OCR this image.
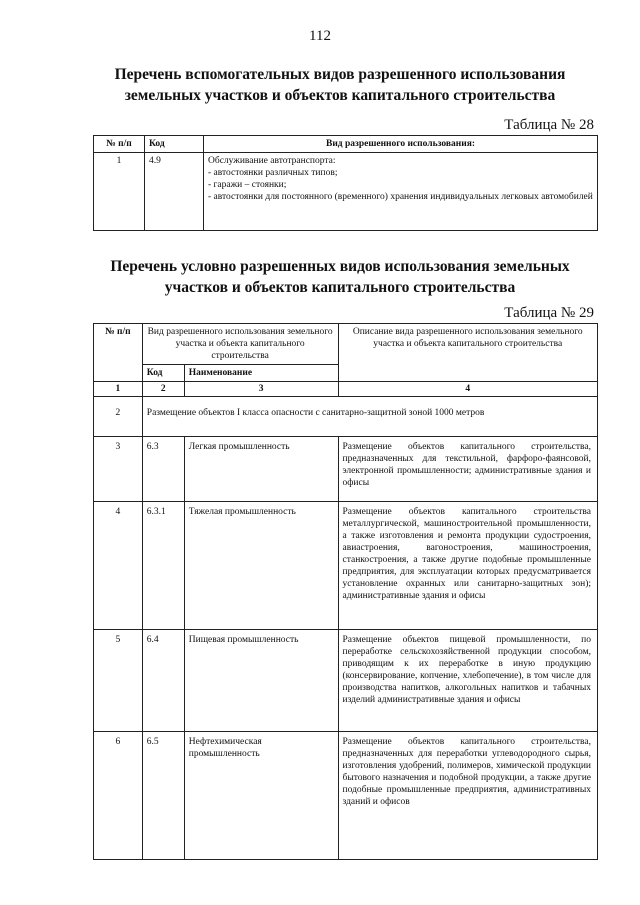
112
Перечень вспомогательных видов разрешенного использования
земельных участков и объектов капитального строительства
Таблица № 28
№ п/п	Код	Вид разрешенного использования:
1	4.9	Обслуживание автотранспорта:
- автостоянки различных типов;
- гаражи – стоянки;
- автостоянки для постоянного (временного) хранения индивидуальных легковых автомобилей
Перечень условно разрешенных видов использования земельных
участков и объектов капитального строительства
Таблица № 29
№ п/п	Вид разрешенного использования земельного участка и объекта капитального строительства		Описание вида разрешенного использования земельного участка и объекта капитального строительства
	Код	Наименование	
1	2	3	4
2	Размещение объектов I класса опасности с санитарно-защитной зоной 1000 метров		
3	6.3	Легкая промышленность	Размещение объектов капитального строительства, предназначенных для текстильной, фарфоро-фаянсовой, электронной промышленности; административные здания и офисы
4	6.3.1	Тяжелая промышленность	Размещение объектов капитального строительства металлургической, машиностроительной промышленности, а также изготовления и ремонта продукции судостроения, авиастроения, вагоностроения, машиностроения, станкостроения, а также другие подобные промышленные предприятия, для эксплуатации которых предусматривается установление охранных или санитарно-защитных зон); административные здания и офисы
5	6.4	Пищевая промышленность	Размещение объектов пищевой промышленности, по переработке сельскохозяйственной продукции способом, приводящим к их переработке в иную продукцию (консервирование, копчение, хлебопечение), в том числе для производства напитков, алкогольных напитков и табачных изделий административные здания и офисы
6	6.5	Нефтехимическая промышленность	Размещение объектов капитального строительства, предназначенных для переработки углеводородного сырья, изготовления удобрений, полимеров, химической продукции бытового назначения и подобной продукции, а также другие подобные промышленные предприятия, административных зданий и офисов
